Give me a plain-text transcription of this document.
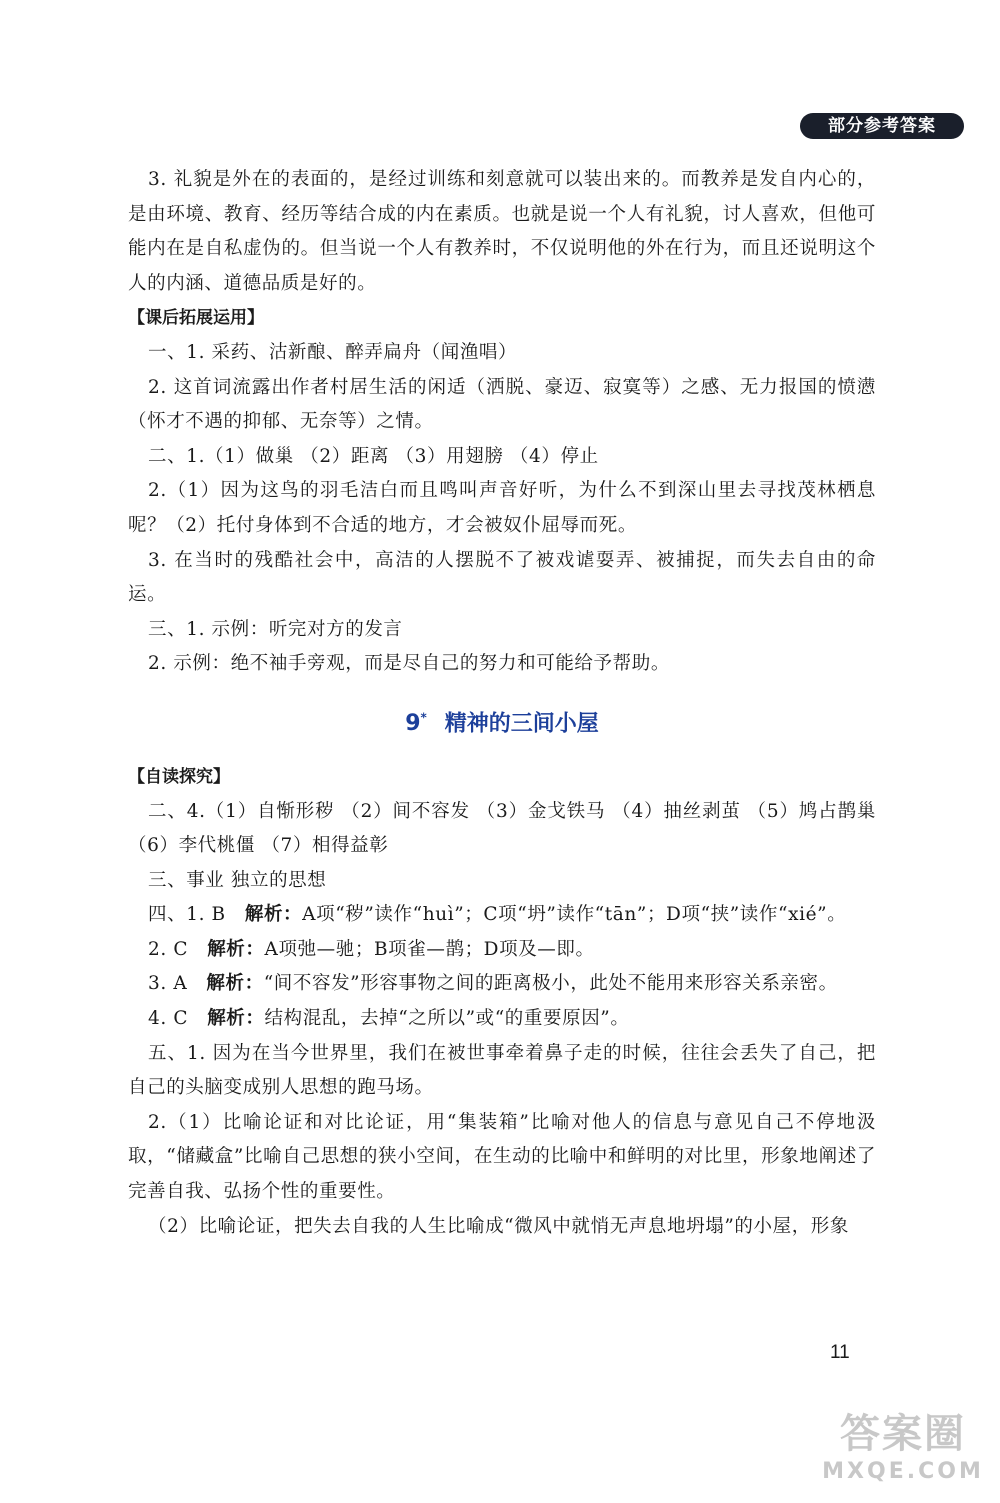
部分参考答案

3. 礼貌是外在的表面的，是经过训练和刻意就可以装出来的。而教养是发自内心的，是由环境、教育、经历等结合成的内在素质。也就是说一个人有礼貌，讨人喜欢，但他可能内在是自私虚伪的。但当说一个人有教养时，不仅说明他的外在行为，而且还说明这个人的内涵、道德品质是好的。

【课后拓展运用】

一、1. 采药、沽新酿、醉弄扁舟（闻渔唱）

2. 这首词流露出作者村居生活的闲适（洒脱、豪迈、寂寞等）之感、无力报国的愤懑（怀才不遇的抑郁、无奈等）之情。

二、1.（1）做巢 （2）距离 （3）用翅膀 （4）停止

2.（1）因为这鸟的羽毛洁白而且鸣叫声音好听，为什么不到深山里去寻找茂林栖息呢？（2）托付身体到不合适的地方，才会被奴仆屈辱而死。

3. 在当时的残酷社会中，高洁的人摆脱不了被戏谑耍弄、被捕捉，而失去自由的命运。

三、1. 示例：听完对方的发言

2. 示例：绝不袖手旁观，而是尽自己的努力和可能给予帮助。

9* 精神的三间小屋

【自读探究】

二、4.（1）自惭形秽 （2）间不容发 （3）金戈铁马 （4）抽丝剥茧 （5）鸠占鹊巢 （6）李代桃僵 （7）相得益彰

三、事业 独立的思想

四、1. B　 解析：A项“秽”读作“huì”；C项“坍”读作“tān”；D项“挟”读作“xié”。

2. C　 解析：A项弛—驰；B项雀—鹊；D项及—即。

3. A　 解析：“间不容发”形容事物之间的距离极小，此处不能用来形容关系亲密。

4. C　 解析：结构混乱，去掉“之所以”或“的重要原因”。

五、1. 因为在当今世界里，我们在被世事牵着鼻子走的时候，往往会丢失了自己，把自己的头脑变成别人思想的跑马场。

2.（1）比喻论证和对比论证，用“集装箱”比喻对他人的信息与意见自己不停地汲取，“储藏盒”比喻自己思想的狭小空间，在生动的比喻中和鲜明的对比里，形象地阐述了完善自我、弘扬个性的重要性。

（2）比喻论证，把失去自我的人生比喻成“微风中就悄无声息地坍塌”的小屋，形象

11
答案圈
MXQE.COM
